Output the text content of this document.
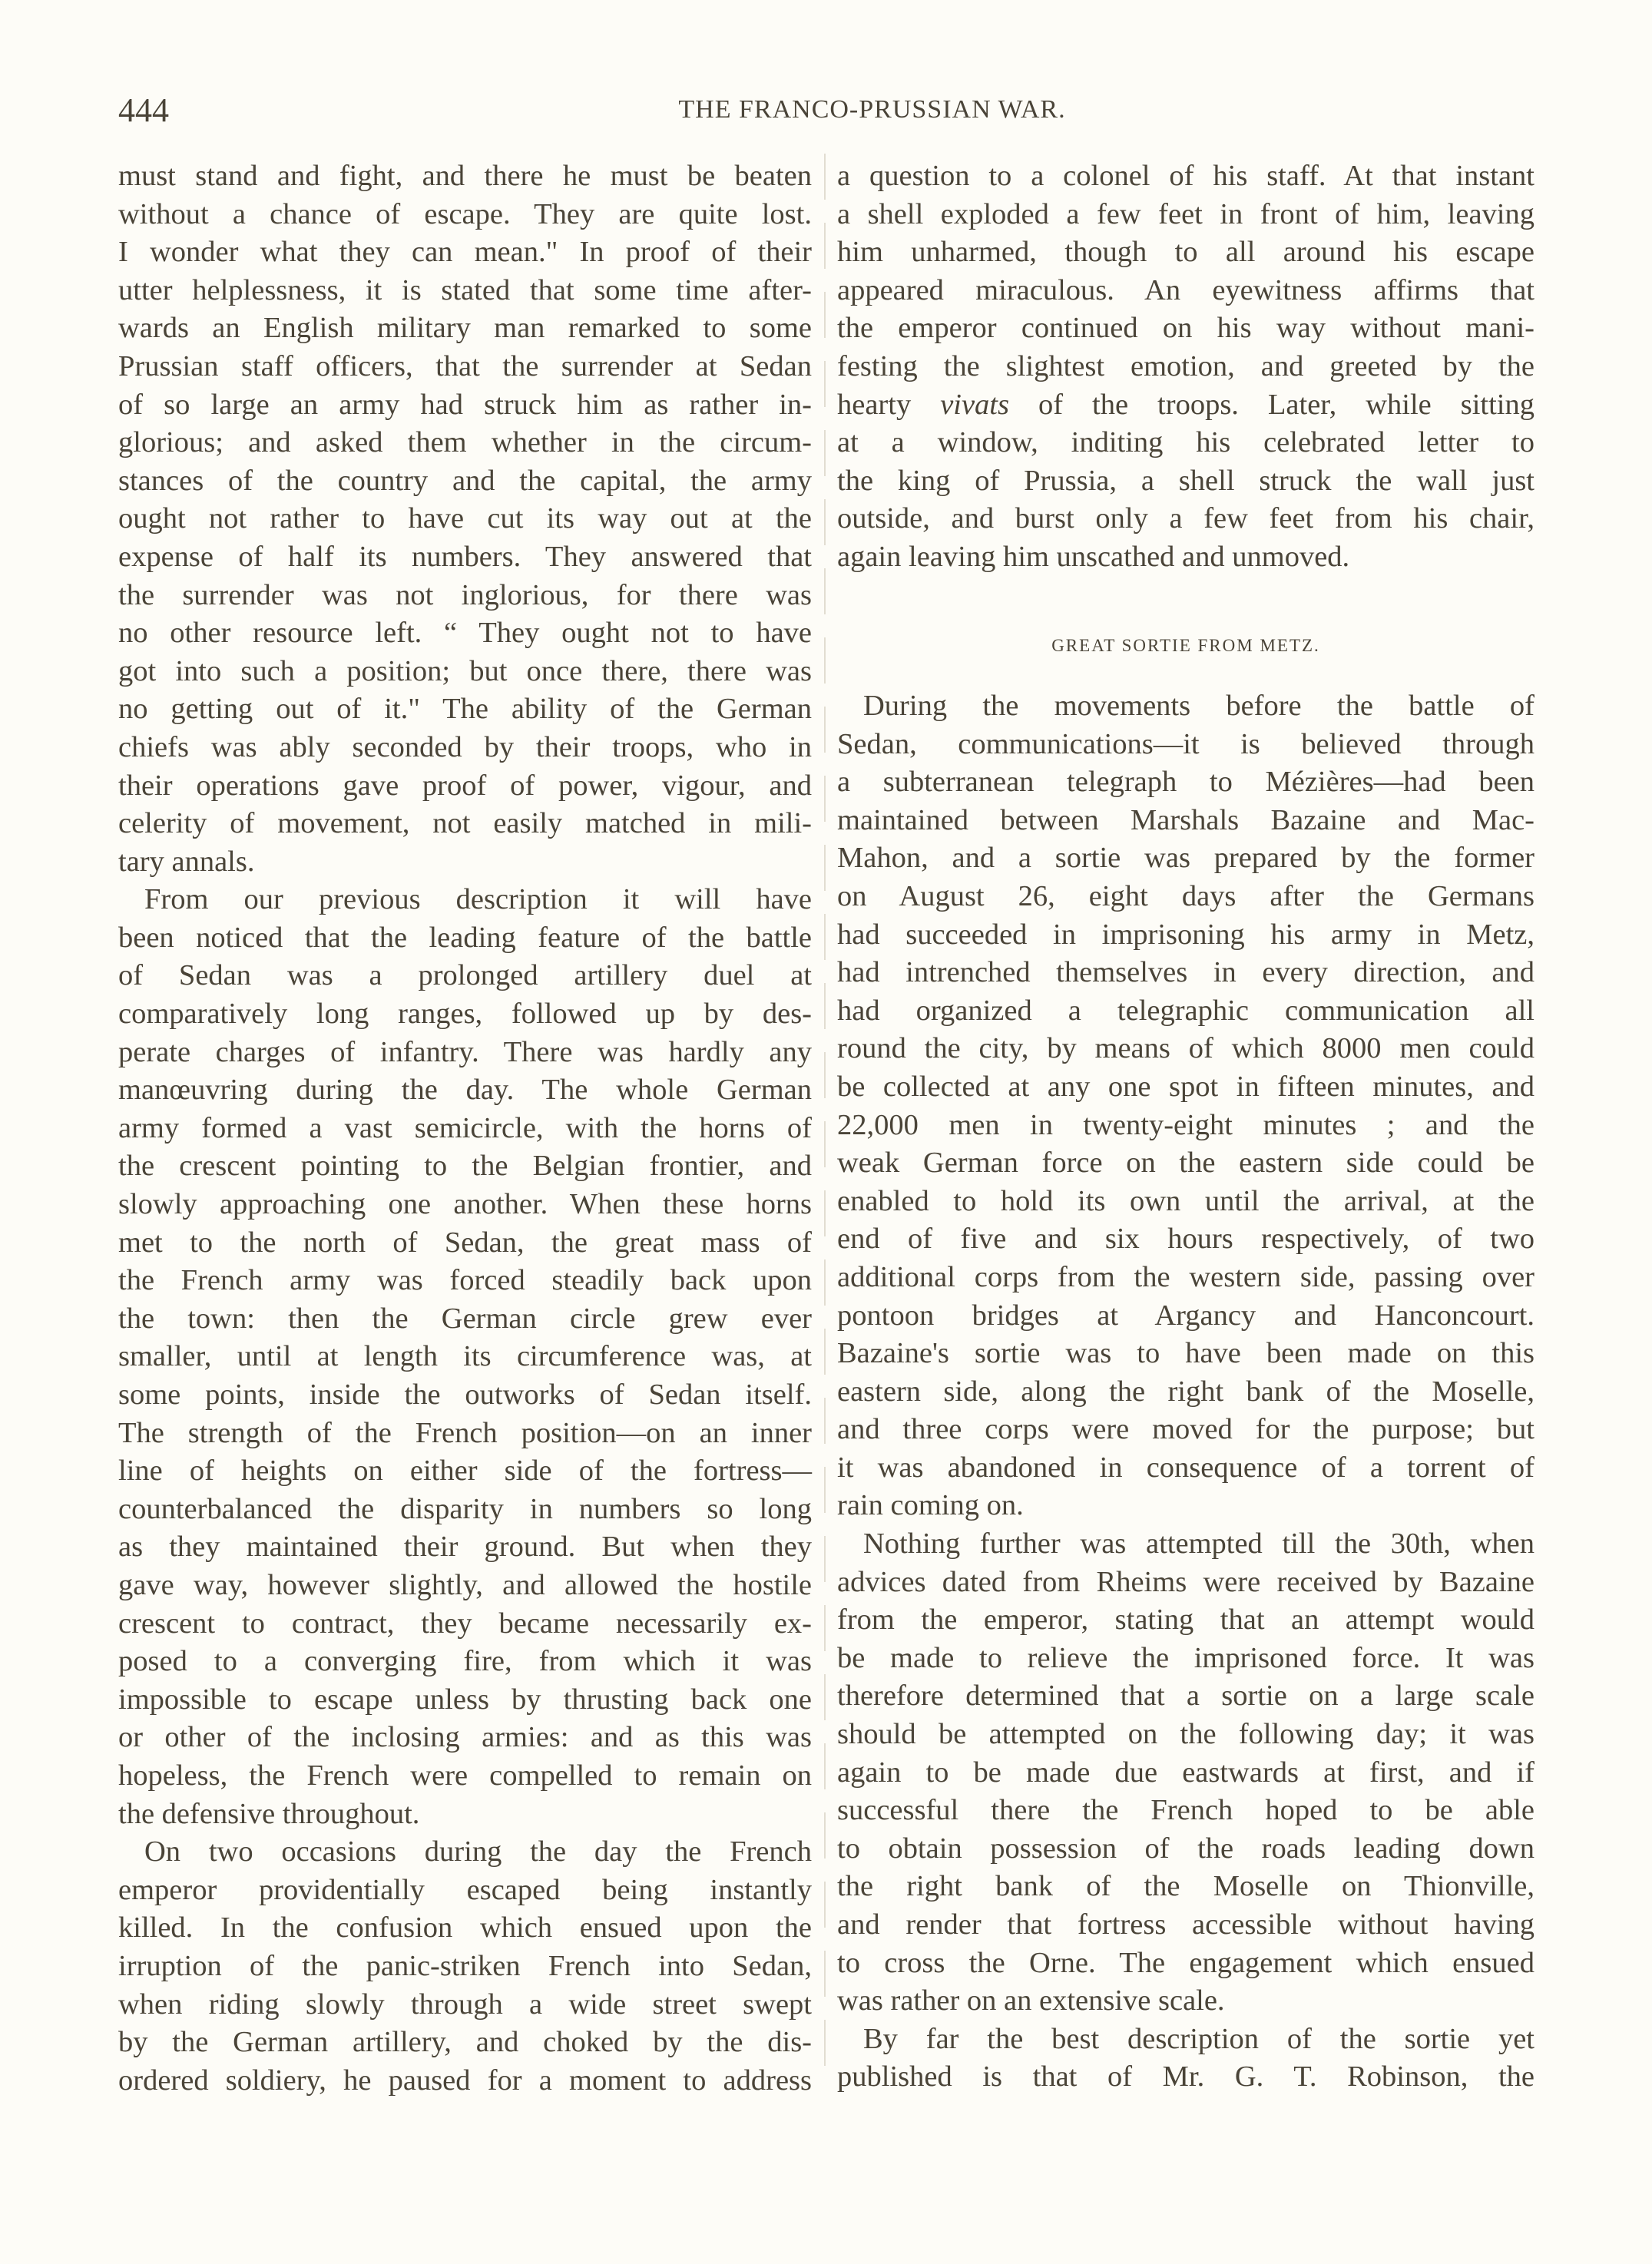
444	THE FRANCO-PRUSSIAN WAR.
must stand and fight, and there he must be beaten
without a chance of escape. They are quite lost.
I wonder what they can mean." In proof of their
utter helplessness, it is stated that some time after-
wards an English military man remarked to some
Prussian staff officers, that the surrender at Sedan
of so large an army had struck him as rather in-
glorious; and asked them whether in the circum-
stances of the country and the capital, the army
ought not rather to have cut its way out at the
expense of half its numbers. They answered that
the surrender was not inglorious, for there was
no other resource left. “ They ought not to have
got into such a position; but once there, there was
no getting out of it." The ability of the German
chiefs was ably seconded by their troops, who in
their operations gave proof of power, vigour, and
celerity of movement, not easily matched in mili-
tary annals.
From our previous description it will have
been noticed that the leading feature of the battle
of Sedan was a prolonged artillery duel at
comparatively long ranges, followed up by des-
perate charges of infantry. There was hardly any
manœuvring during the day. The whole German
army formed a vast semicircle, with the horns of
the crescent pointing to the Belgian frontier, and
slowly approaching one another. When these horns
met to the north of Sedan, the great mass of
the French army was forced steadily back upon
the town: then the German circle grew ever
smaller, until at length its circumference was, at
some points, inside the outworks of Sedan itself.
The strength of the French position—on an inner
line of heights on either side of the fortress—
counterbalanced the disparity in numbers so long
as they maintained their ground. But when they
gave way, however slightly, and allowed the hostile
crescent to contract, they became necessarily ex-
posed to a converging fire, from which it was
impossible to escape unless by thrusting back one
or other of the inclosing armies: and as this was
hopeless, the French were compelled to remain on
the defensive throughout.
On two occasions during the day the French
emperor providentially escaped being instantly
killed. In the confusion which ensued upon the
irruption of the panic-striken French into Sedan,
when riding slowly through a wide street swept
by the German artillery, and choked by the dis-
ordered soldiery, he paused for a moment to address
a question to a colonel of his staff. At that instant
a shell exploded a few feet in front of him, leaving
him unharmed, though to all around his escape
appeared miraculous. An eyewitness affirms that
the emperor continued on his way without mani-
festing the slightest emotion, and greeted by the
hearty vivats of the troops. Later, while sitting
at a window, inditing his celebrated letter to
the king of Prussia, a shell struck the wall just
outside, and burst only a few feet from his chair,
again leaving him unscathed and unmoved.
GREAT SORTIE FROM METZ.
During the movements before the battle of
Sedan, communications—it is believed through
a subterranean telegraph to Mézières—had been
maintained between Marshals Bazaine and Mac-
Mahon, and a sortie was prepared by the former
on August 26, eight days after the Germans
had succeeded in imprisoning his army in Metz,
had intrenched themselves in every direction, and
had organized a telegraphic communication all
round the city, by means of which 8000 men could
be collected at any one spot in fifteen minutes, and
22,000 men in twenty-eight minutes ; and the
weak German force on the eastern side could be
enabled to hold its own until the arrival, at the
end of five and six hours respectively, of two
additional corps from the western side, passing over
pontoon bridges at Argancy and Hanconcourt.
Bazaine's sortie was to have been made on this
eastern side, along the right bank of the Moselle,
and three corps were moved for the purpose; but
it was abandoned in consequence of a torrent of
rain coming on.
Nothing further was attempted till the 30th, when
advices dated from Rheims were received by Bazaine
from the emperor, stating that an attempt would
be made to relieve the imprisoned force. It was
therefore determined that a sortie on a large scale
should be attempted on the following day; it was
again to be made due eastwards at first, and if
successful there the French hoped to be able
to obtain possession of the roads leading down
the right bank of the Moselle on Thionville,
and render that fortress accessible without having
to cross the Orne. The engagement which ensued
was rather on an extensive scale.
By far the best description of the sortie yet
published is that of Mr. G. T. Robinson, the
